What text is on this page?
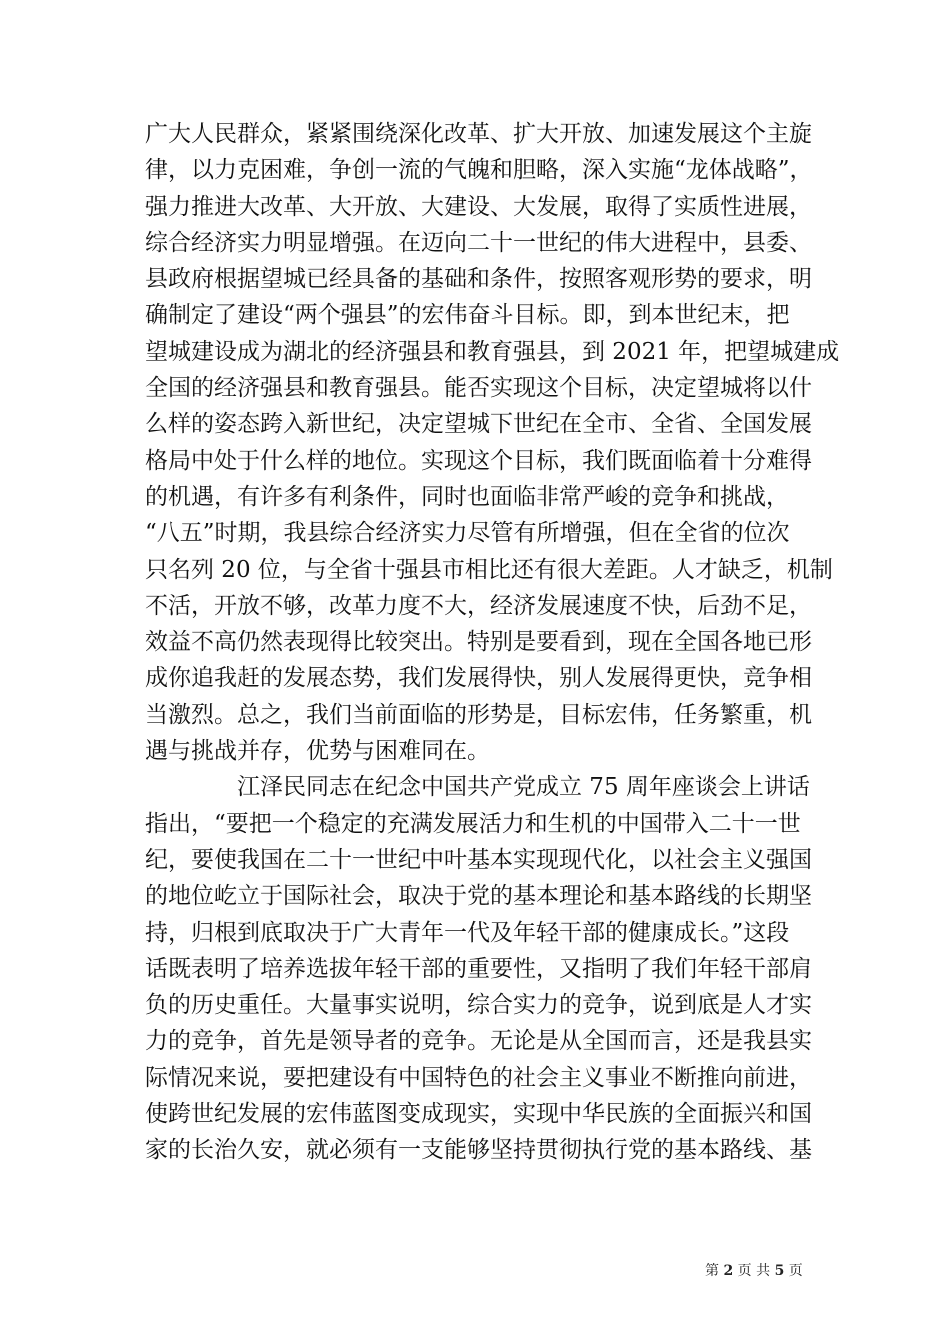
广大人民群众，紧紧围绕深化改革、扩大开放、加速发展这个主旋
律，以力克困难，争创一流的气魄和胆略，深入实施“龙体战略”，
强力推进大改革、大开放、大建设、大发展，取得了实质性进展，
综合经济实力明显增强。在迈向二十一世纪的伟大进程中，县委、
县政府根据望城已经具备的基础和条件，按照客观形势的要求，明
确制定了建设“两个强县”的宏伟奋斗目标。即，到本世纪末，把
望城建设成为湖北的经济强县和教育强县，到 2021 年，把望城建成
全国的经济强县和教育强县。能否实现这个目标，决定望城将以什
么样的姿态跨入新世纪，决定望城下世纪在全市、全省、全国发展
格局中处于什么样的地位。实现这个目标，我们既面临着十分难得
的机遇，有许多有利条件，同时也面临非常严峻的竞争和挑战，
“八五”时期，我县综合经济实力尽管有所增强，但在全省的位次
只名列 20 位，与全省十强县市相比还有很大差距。人才缺乏，机制
不活，开放不够，改革力度不大，经济发展速度不快，后劲不足，
效益不高仍然表现得比较突出。特别是要看到，现在全国各地已形
成你追我赶的发展态势，我们发展得快，别人发展得更快，竞争相
当激烈。总之，我们当前面临的形势是，目标宏伟，任务繁重，机
遇与挑战并存，优势与困难同在。
江泽民同志在纪念中国共产党成立 75 周年座谈会上讲话
指出，“要把一个稳定的充满发展活力和生机的中国带入二十一世
纪，要使我国在二十一世纪中叶基本实现现代化，以社会主义强国
的地位屹立于国际社会，取决于党的基本理论和基本路线的长期坚
持，归根到底取决于广大青年一代及年轻干部的健康成长。”这段
话既表明了培养选拔年轻干部的重要性，又指明了我们年轻干部肩
负的历史重任。大量事实说明，综合实力的竞争，说到底是人才实
力的竞争，首先是领导者的竞争。无论是从全国而言，还是我县实
际情况来说，要把建设有中国特色的社会主义事业不断推向前进，
使跨世纪发展的宏伟蓝图变成现实，实现中华民族的全面振兴和国
家的长治久安，就必须有一支能够坚持贯彻执行党的基本路线、基
第 2 页 共 5 页
